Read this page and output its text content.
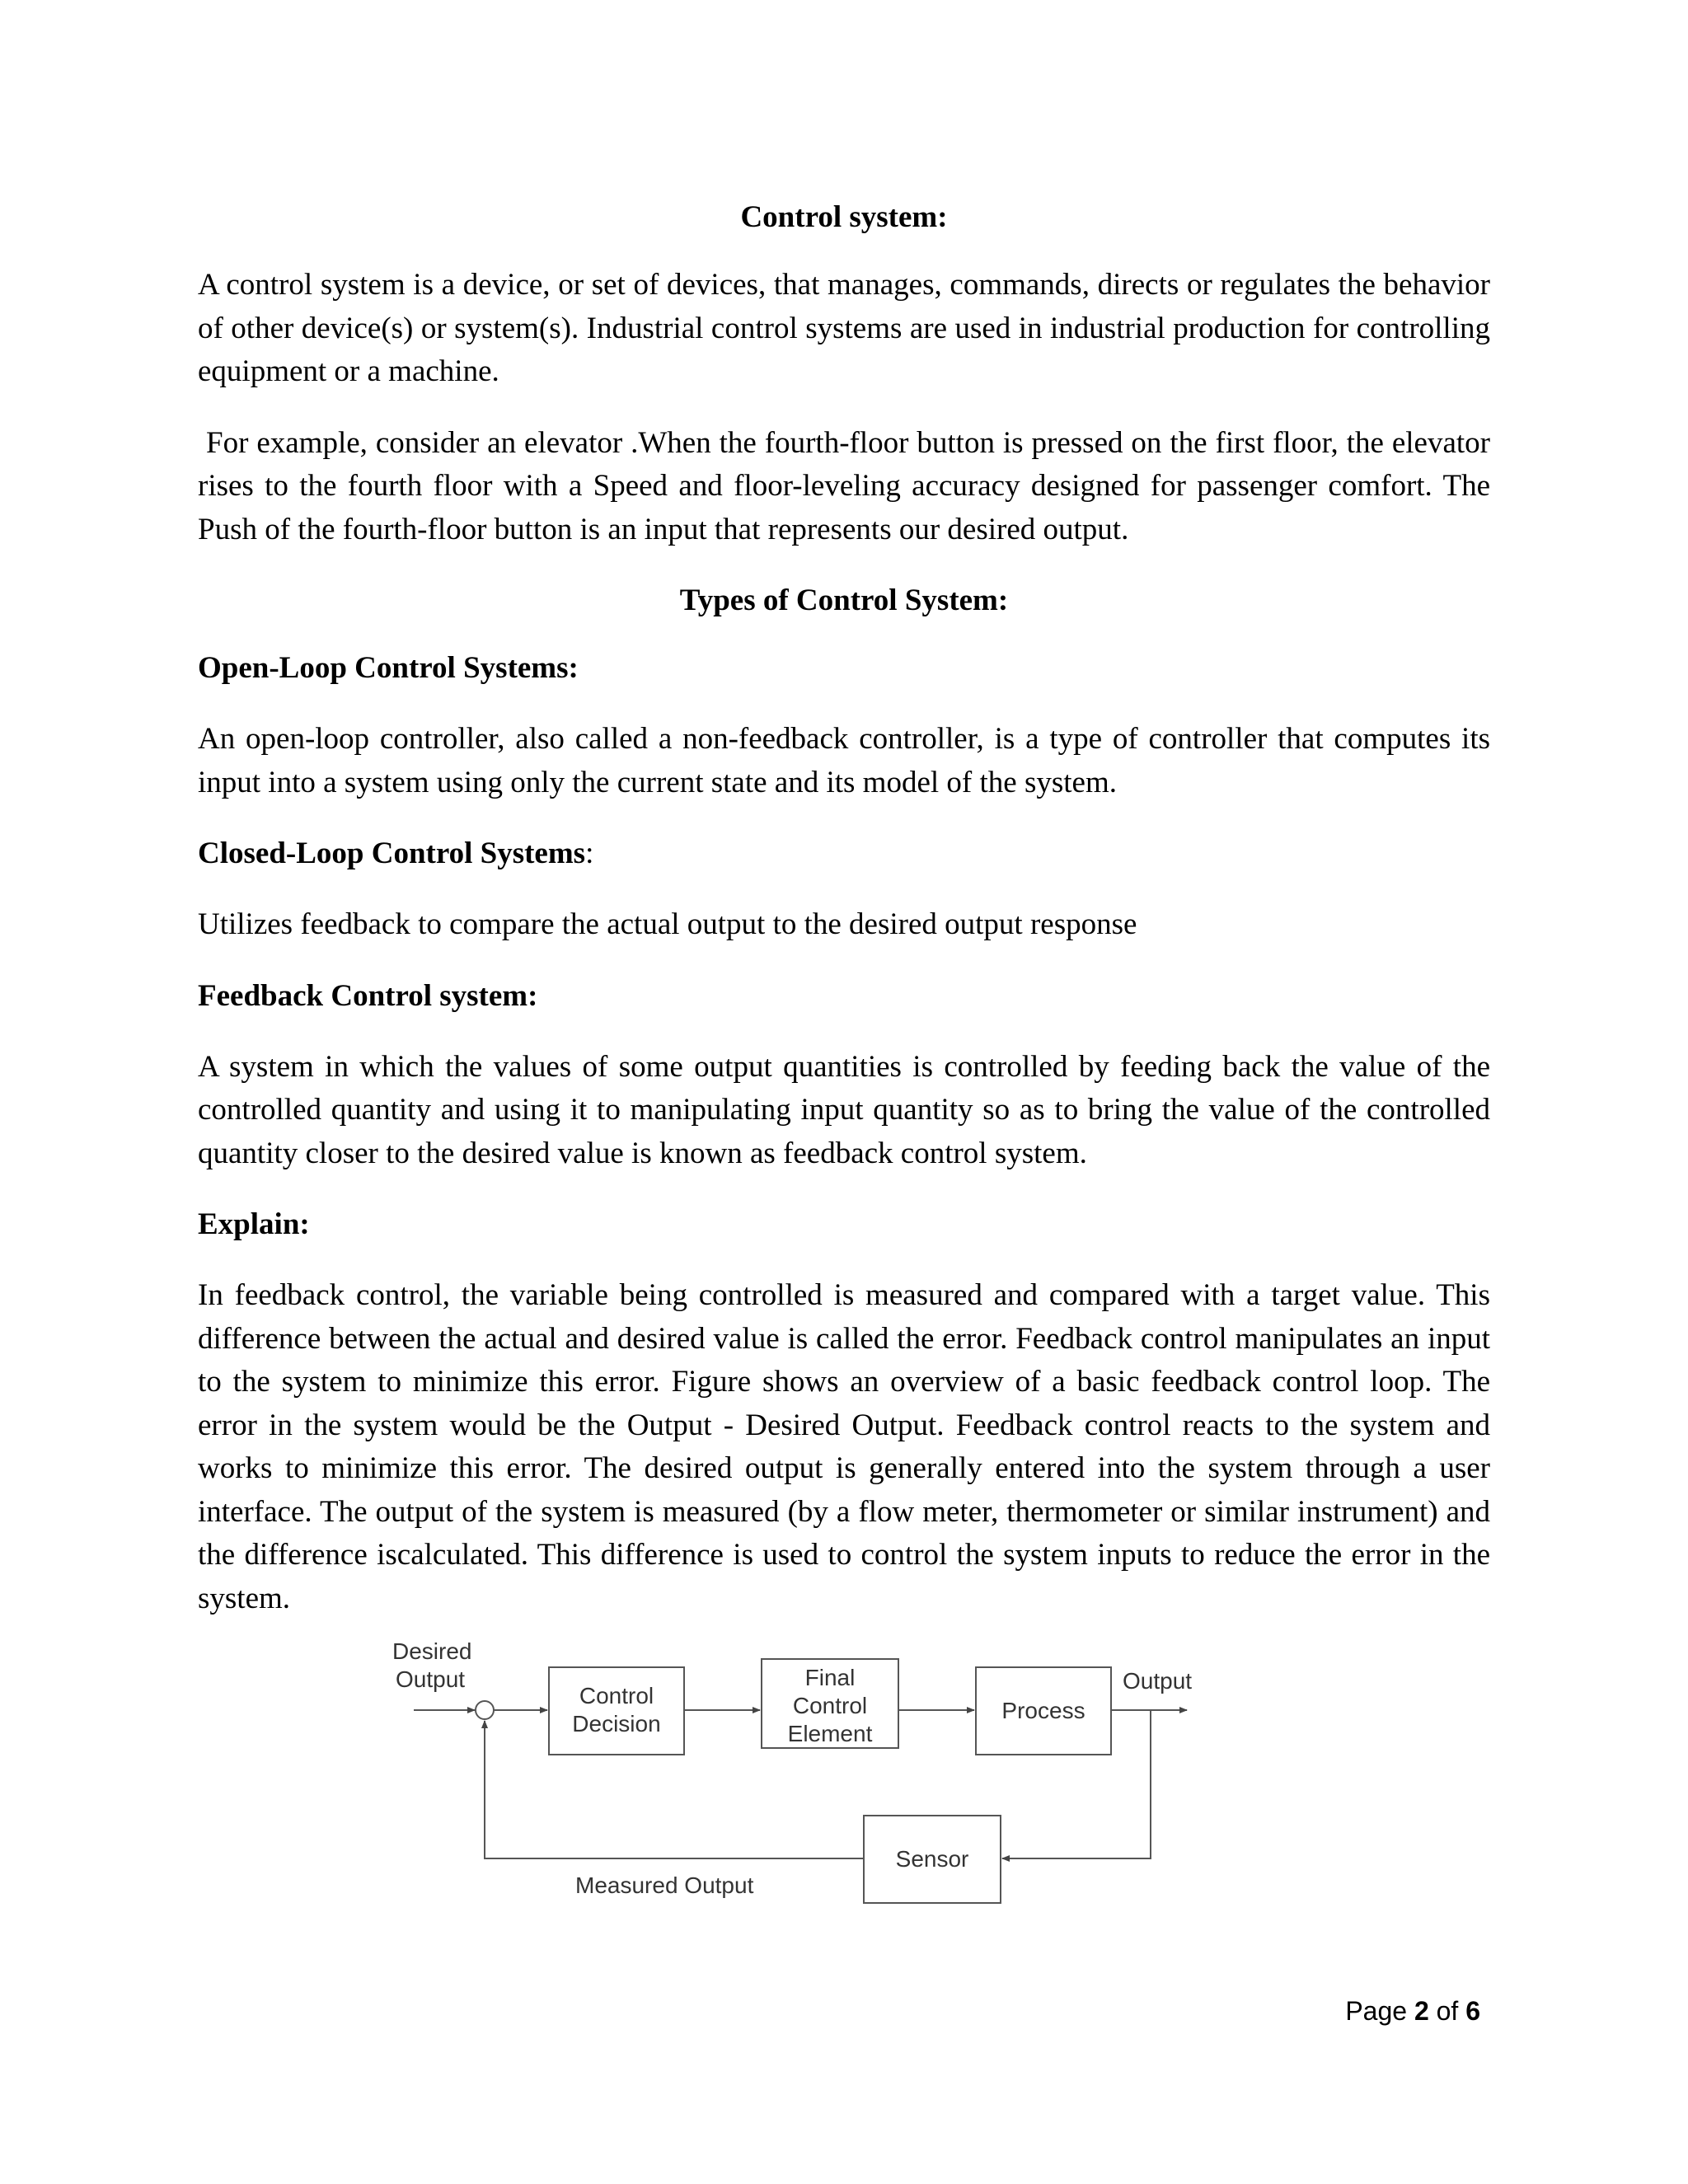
Control system:

A control system is a device, or set of devices, that manages, commands, directs or regulates the behavior of other device(s) or system(s). Industrial control systems are used in industrial production for controlling equipment or a machine.

For example, consider an elevator .When the fourth-floor button is pressed on the first floor, the elevator rises to the fourth floor with a Speed and floor-leveling accuracy designed for passenger comfort. The Push of the fourth-floor button is an input that represents our desired output.

Types of Control System:
Open-Loop Control Systems:

An open-loop controller, also called a non-feedback controller, is a type of controller that computes its input into a system using only the current state and its model of the system.

Closed-Loop Control Systems:

Utilizes feedback to compare the actual output to the desired output response

Feedback Control system:

A system in which the values of some output quantities is controlled by feeding back the value of the controlled quantity and using it to manipulating input quantity so as to bring the value of the controlled quantity closer to the desired value is known as feedback control system.

Explain:

In feedback control, the variable being controlled is measured and compared with a target value. This difference between the actual and desired value is called the error. Feedback control manipulates an input to the system to minimize this error. Figure shows an overview of a basic feedback control loop. The error in the system would be the Output - Desired Output. Feedback control reacts to the system and works to minimize this error. The desired output is generally entered into the system through a user interface. The output of the system is measured (by a flow meter, thermometer or similar instrument) and the difference iscalculated. This difference is used to control the system inputs to reduce the error in the system.

Desired
Output
Control
Decision
Final
Control
Element
Process
Output
Sensor
Measured Output
Page 2 of 6
